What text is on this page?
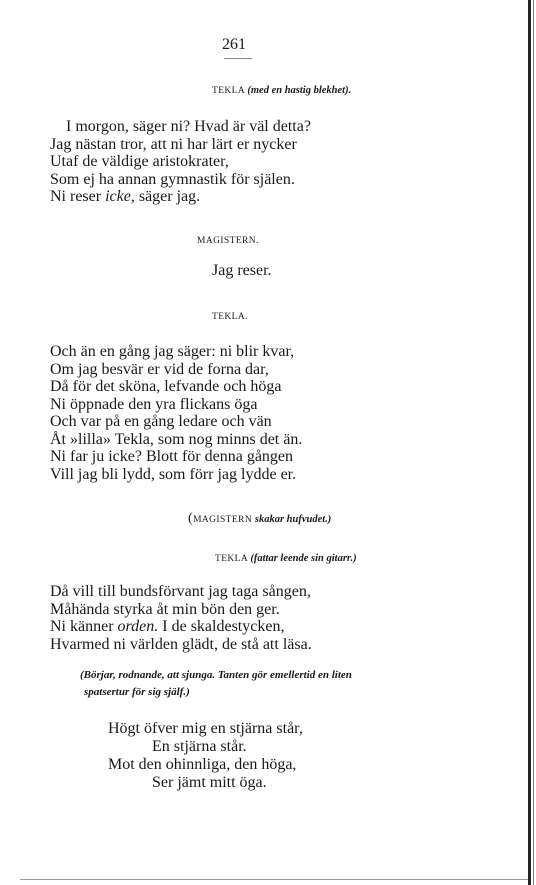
261
TEKLA (med en hastig blekhet).
I morgon, säger ni? Hvad är väl detta?
Jag nästan tror, att ni har lärt er nycker
Utaf de väldige aristokrater,
Som ej ha annan gymnastik för själen.
Ni reser icke, säger jag.
MAGISTERN.
Jag reser.
TEKLA.
Och än en gång jag säger: ni blir kvar,
Om jag besvär er vid de forna dar,
Då för det sköna, lefvande och höga
Ni öppnade den yra flickans öga
Och var på en gång ledare och vän
Åt »lilla» Tekla, som nog minns det än.
Ni far ju icke? Blott för denna gången
Vill jag bli lydd, som förr jag lydde er.
(MAGISTERN skakar hufvudet.)
TEKLA (fattar leende sin gitarr.)
Då vill till bundsförvant jag taga sången,
Måhända styrka åt min bön den ger.
Ni känner orden. I de skaldestycken,
Hvarmed ni världen glädt, de stå att läsa.
(Börjar, rodnande, att sjunga. Tanten gör emellertid en liten
spatsertur för sig själf.)
Högt öfver mig en stjärna står,
En stjärna står.
Mot den ohinnliga, den höga,
Ser jämt mitt öga.
